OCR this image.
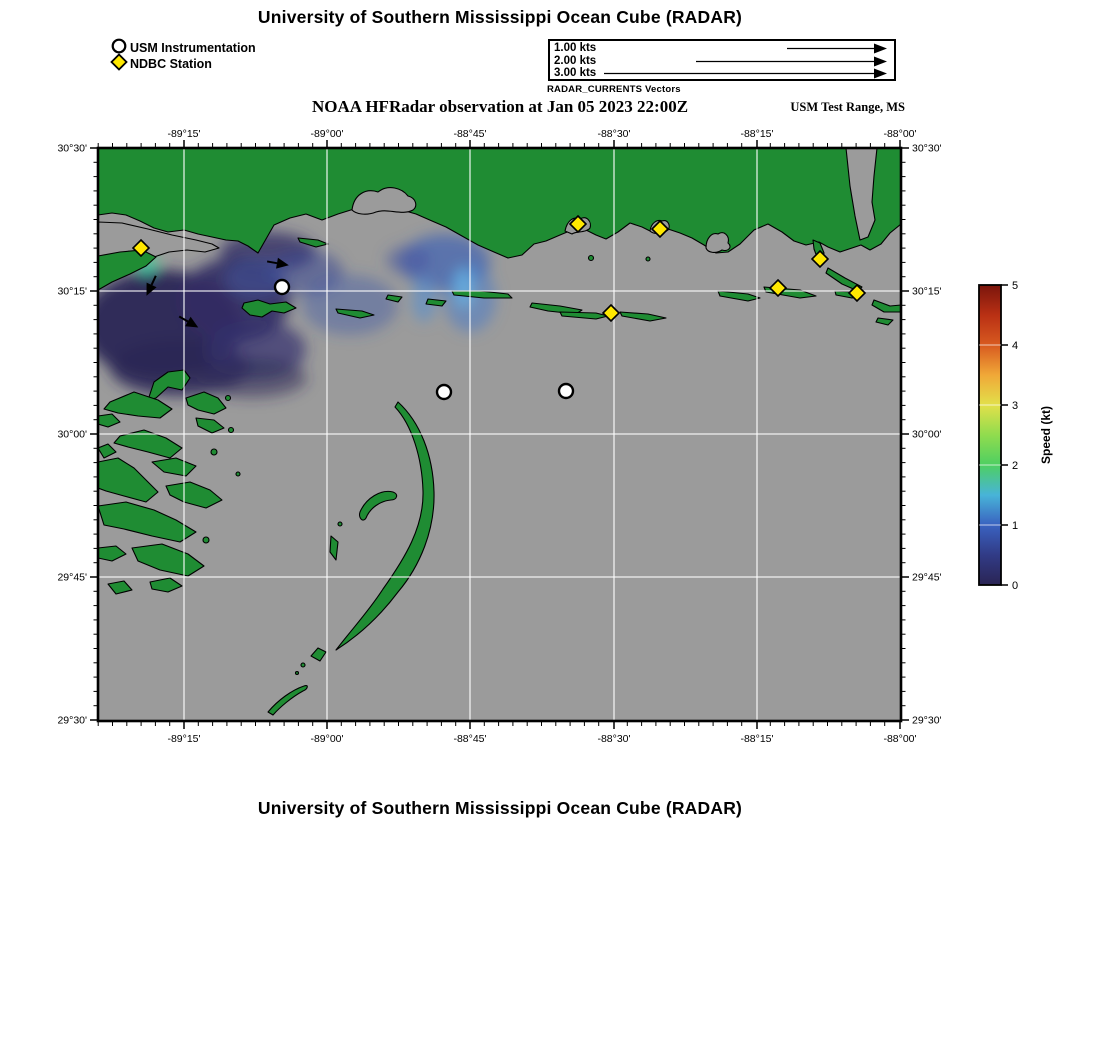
-89°15'
-89°15'
-89°00'
-89°00'
-88°45'
-88°45'
-88°30'
-88°30'
-88°15'
-88°15'
-88°00'
-88°00'
30°30'	30°30'
30°15'	30°15'
30°00'	30°00'
29°45'	29°45'
29°30'	29°30'
0
1
2
3
4
5
University of Southern Mississippi Ocean Cube (RADAR)
USM Instrumentation
NDBC Station
1.00 kts
2.00 kts
3.00 kts
RADAR_CURRENTS Vectors
NOAA HFRadar observation at Jan 05 2023 22:00Z	USM Test Range, MS
Speed (kt)
University of Southern Mississippi Ocean Cube (RADAR)
